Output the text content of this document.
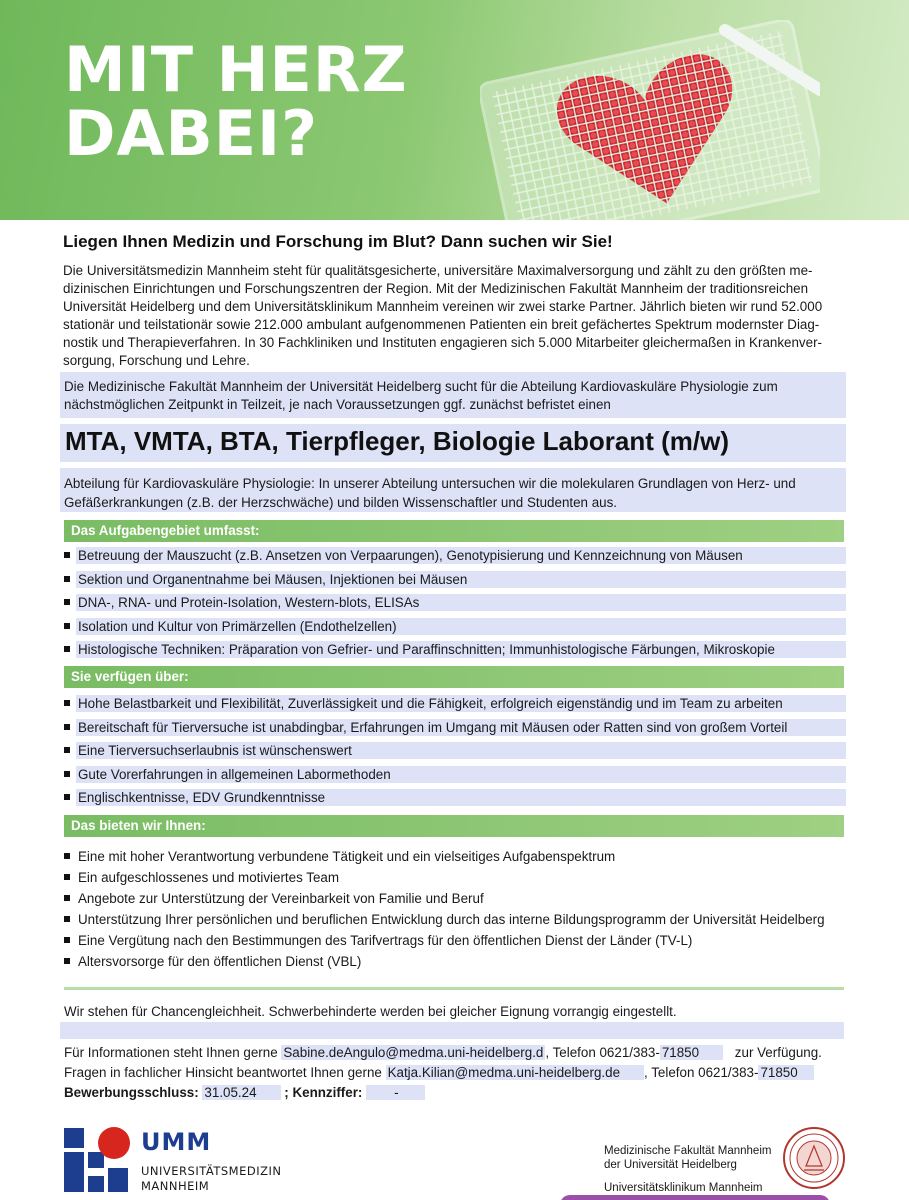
MIT HERZ
DABEI?
Liegen Ihnen Medizin und Forschung im Blut? Dann suchen wir Sie!
Die Universitätsmedizin Mannheim steht für qualitätsgesicherte, universitäre Maximalversorgung und zählt zu den größten me-
dizinischen Einrichtungen und Forschungszentren der Region. Mit der Medizinischen Fakultät Mannheim der traditionsreichen
Universität Heidelberg und dem Universitätsklinikum Mannheim vereinen wir zwei starke Partner. Jährlich bieten wir rund 52.000
stationär und teilstationär sowie 212.000 ambulant aufgenommenen Patienten ein breit gefächertes Spektrum modernster Diag-
nostik und Therapieverfahren. In 30 Fachkliniken und Instituten engagieren sich 5.000 Mitarbeiter gleichermaßen in Krankenver-
sorgung, Forschung und Lehre.
Die Medizinische Fakultät Mannheim der Universität Heidelberg sucht für die Abteilung Kardiovaskuläre Physiologie zum
nächstmöglichen Zeitpunkt in Teilzeit, je nach Voraussetzungen ggf. zunächst befristet einen
MTA, VMTA, BTA, Tierpfleger, Biologie Laborant (m/w)
Abteilung für Kardiovaskuläre Physiologie: In unserer Abteilung untersuchen wir die molekularen Grundlagen von Herz- und
Gefäßerkrankungen (z.B. der Herzschwäche) und bilden Wissenschaftler und Studenten aus.
Das Aufgabengebiet umfasst:
Betreuung der Mauszucht (z.B. Ansetzen von Verpaarungen), Genotypisierung und Kennzeichnung von Mäusen
Sektion und Organentnahme bei Mäusen, Injektionen bei Mäusen
DNA-, RNA- und Protein-Isolation, Western-blots, ELISAs
Isolation und Kultur von Primärzellen (Endothelzellen)
Histologische Techniken: Präparation von Gefrier- und Paraffinschnitten; Immunhistologische Färbungen, Mikroskopie
Sie verfügen über:
Hohe Belastbarkeit und Flexibilität, Zuverlässigkeit und die Fähigkeit, erfolgreich eigenständig und im Team zu arbeiten
Bereitschaft für Tierversuche ist unabdingbar, Erfahrungen im Umgang mit Mäusen oder Ratten sind von großem Vorteil
Eine Tierversuchserlaubnis ist wünschenswert
Gute Vorerfahrungen in allgemeinen Labormethoden
Englischkentnisse, EDV Grundkenntnisse
Das bieten wir Ihnen:
Eine mit hoher Verantwortung verbundene Tätigkeit und ein vielseitiges Aufgabenspektrum
Ein aufgeschlossenes und motiviertes Team
Angebote zur Unterstützung der Vereinbarkeit von Familie und Beruf
Unterstützung Ihrer persönlichen und beruflichen Entwicklung durch das interne Bildungsprogramm der Universität Heidelberg
Eine Vergütung nach den Bestimmungen des Tarifvertrags für den öffentlichen Dienst der Länder (TV-L)
Altersvorsorge für den öffentlichen Dienst (VBL)
Wir stehen für Chancengleichheit. Schwerbehinderte werden bei gleicher Eignung vorrangig eingestellt.
Für Informationen steht Ihnen gerne Sabine.deAngulo@medma.uni-heidelberg.d , Telefon 0621/383- 71850	zur Verfügung.
Fragen in fachlicher Hinsicht beantwortet Ihnen gerne Katja.Kilian@medma.uni-heidelberg.de , Telefon 0621/383- 71850
Bewerbungsschluss: 31.05.24 ; Kennziffer: -
UMM
UNIVERSITÄTSMEDIZIN
MANNHEIM
Medizinische Fakultät Mannheim
der Universität Heidelberg
Universitätsklinikum Mannheim
